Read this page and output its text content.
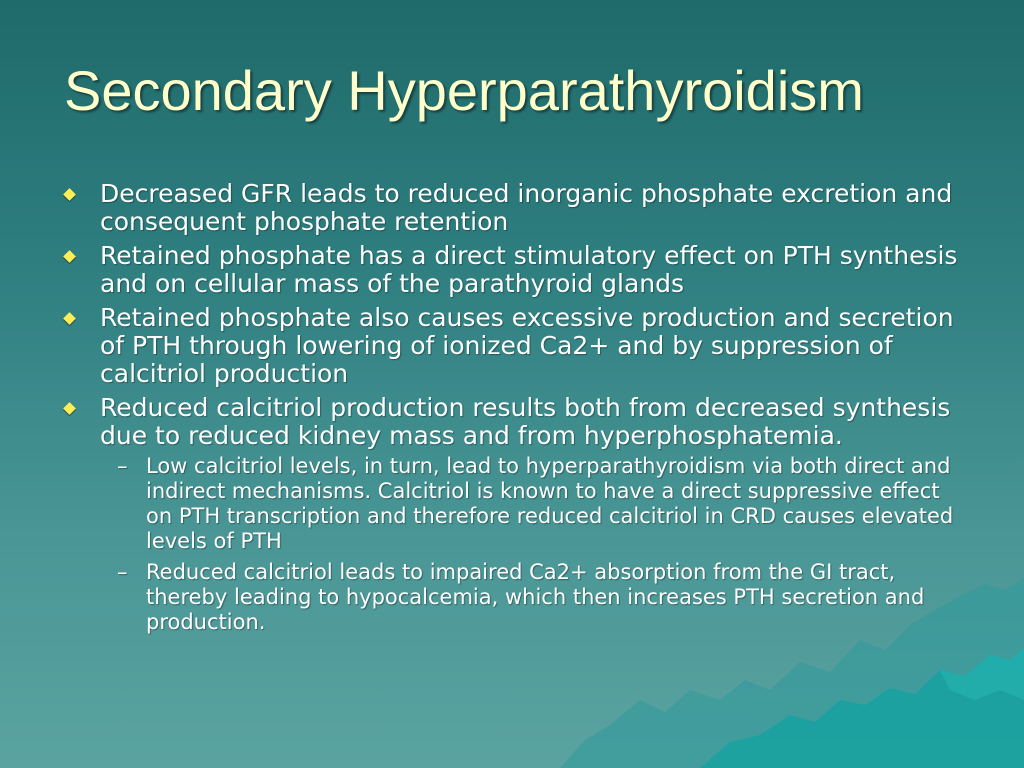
Secondary Hyperparathyroidism
Decreased GFR leads to reduced inorganic phosphate excretion and consequent phosphate retention
Retained phosphate has a direct stimulatory effect on PTH synthesis and on cellular mass of the parathyroid glands
Retained phosphate also causes excessive production and secretion of PTH through lowering of ionized Ca2+ and by suppression of calcitriol production
Reduced calcitriol production results both from decreased synthesis due to reduced kidney mass and from hyperphosphatemia.
– Low calcitriol levels, in turn, lead to hyperparathyroidism via both direct and indirect mechanisms. Calcitriol is known to have a direct suppressive effect on PTH transcription and therefore reduced calcitriol in CRD causes elevated levels of PTH
– Reduced calcitriol leads to impaired Ca2+ absorption from the GI tract, thereby leading to hypocalcemia, which then increases PTH secretion and production.
